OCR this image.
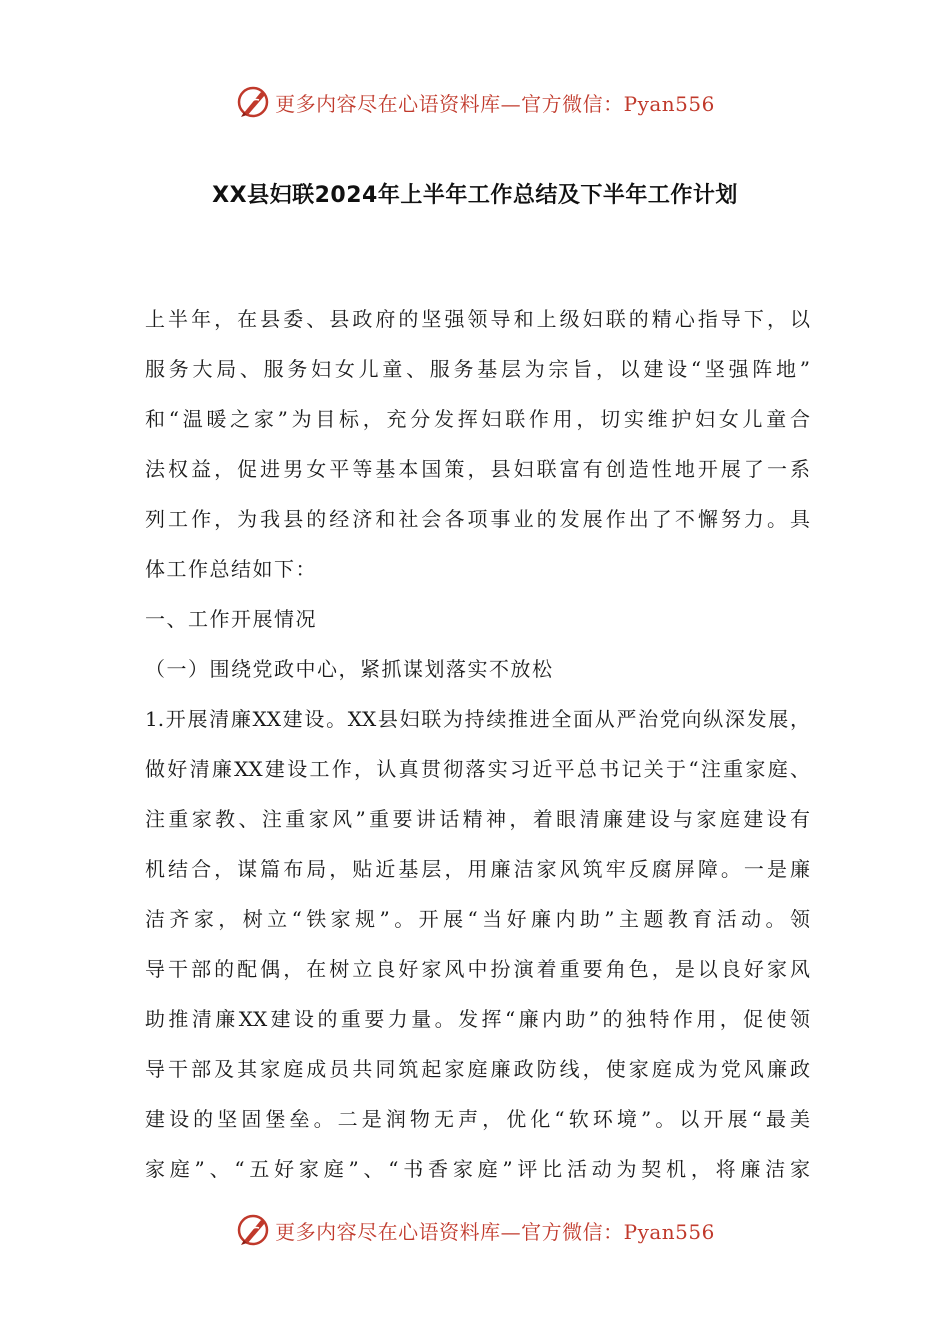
更多内容尽在心语资料库—官方微信：Pyan556
XX县妇联2024年上半年工作总结及下半年工作计划
上半年，在县委、县政府的坚强领导和上级妇联的精心指导下，以
服务大局、服务妇女儿童、服务基层为宗旨，以建设“坚强阵地”
和“温暖之家”为目标，充分发挥妇联作用，切实维护妇女儿童合
法权益，促进男女平等基本国策，县妇联富有创造性地开展了一系
列工作，为我县的经济和社会各项事业的发展作出了不懈努力。具
体工作总结如下：
一、工作开展情况
（一）围绕党政中心，紧抓谋划落实不放松
1.开展清廉XX建设。XX县妇联为持续推进全面从严治党向纵深发展，
做好清廉XX建设工作，认真贯彻落实习近平总书记关于“注重家庭、
注重家教、注重家风”重要讲话精神，着眼清廉建设与家庭建设有
机结合，谋篇布局，贴近基层，用廉洁家风筑牢反腐屏障。一是廉
洁齐家，树立“铁家规”。开展“当好廉内助”主题教育活动。领
导干部的配偶，在树立良好家风中扮演着重要角色，是以良好家风
助推清廉XX建设的重要力量。发挥“廉内助”的独特作用，促使领
导干部及其家庭成员共同筑起家庭廉政防线，使家庭成为党风廉政
建设的坚固堡垒。二是润物无声，优化“软环境”。以开展“最美
家庭”、“五好家庭”、“书香家庭”评比活动为契机，将廉洁家
更多内容尽在心语资料库—官方微信：Pyan556
